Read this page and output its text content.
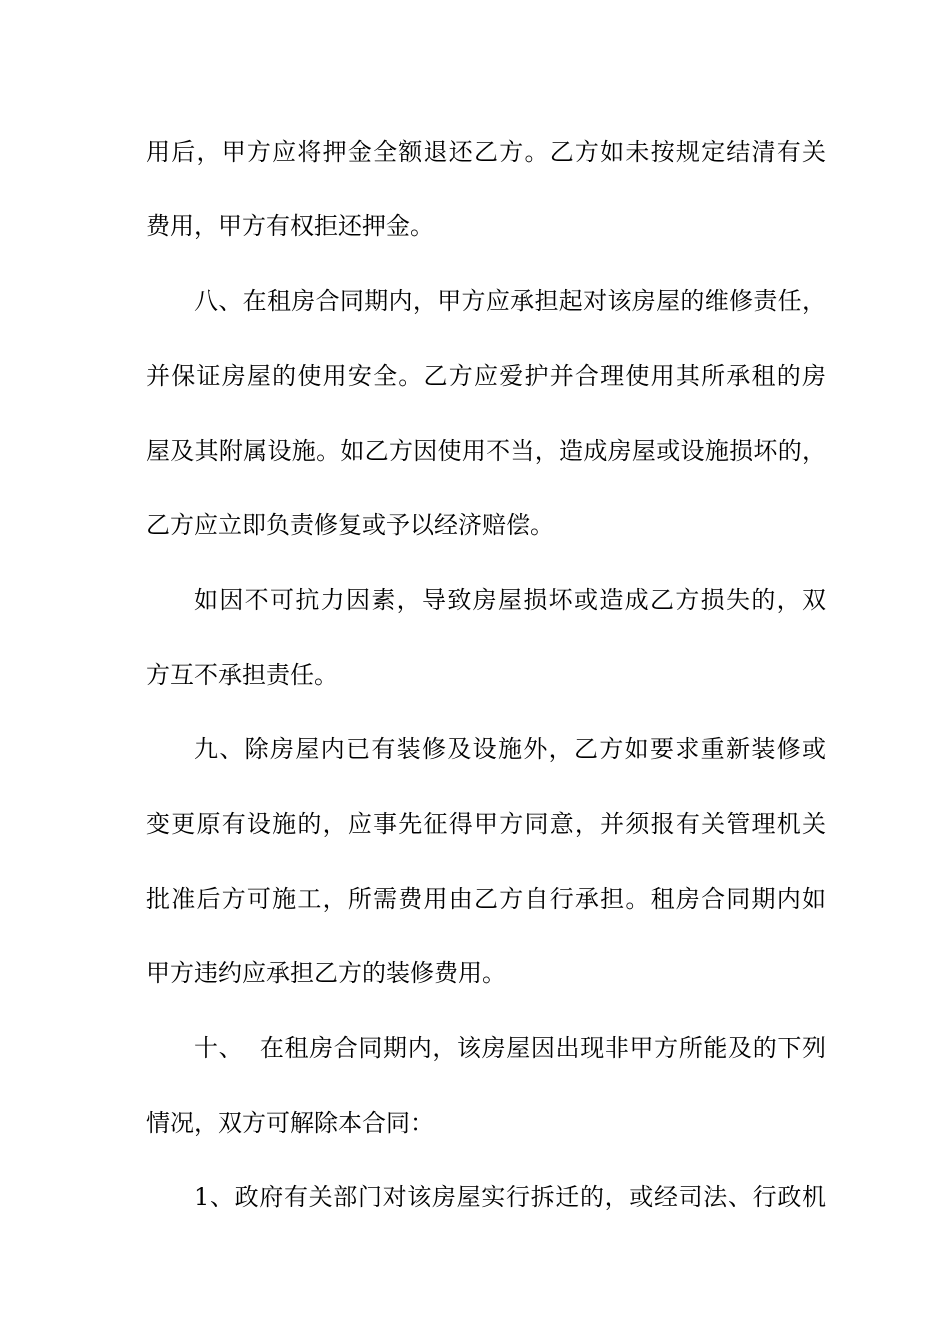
用后，甲方应将押金全额退还乙方。乙方如未按规定结清有关
费用，甲方有权拒还押金。
八、在租房合同期内，甲方应承担起对该房屋的维修责任，
并保证房屋的使用安全。乙方应爱护并合理使用其所承租的房
屋及其附属设施。如乙方因使用不当，造成房屋或设施损坏的，
乙方应立即负责修复或予以经济赔偿。
如因不可抗力因素，导致房屋损坏或造成乙方损失的，双
方互不承担责任。
九、除房屋内已有装修及设施外，乙方如要求重新装修或
变更原有设施的，应事先征得甲方同意，并须报有关管理机关
批准后方可施工，所需费用由乙方自行承担。租房合同期内如
甲方违约应承担乙方的装修费用。
十、  在租房合同期内，该房屋因出现非甲方所能及的下列
情况，双方可解除本合同：
1、政府有关部门对该房屋实行拆迁的，或经司法、行政机
